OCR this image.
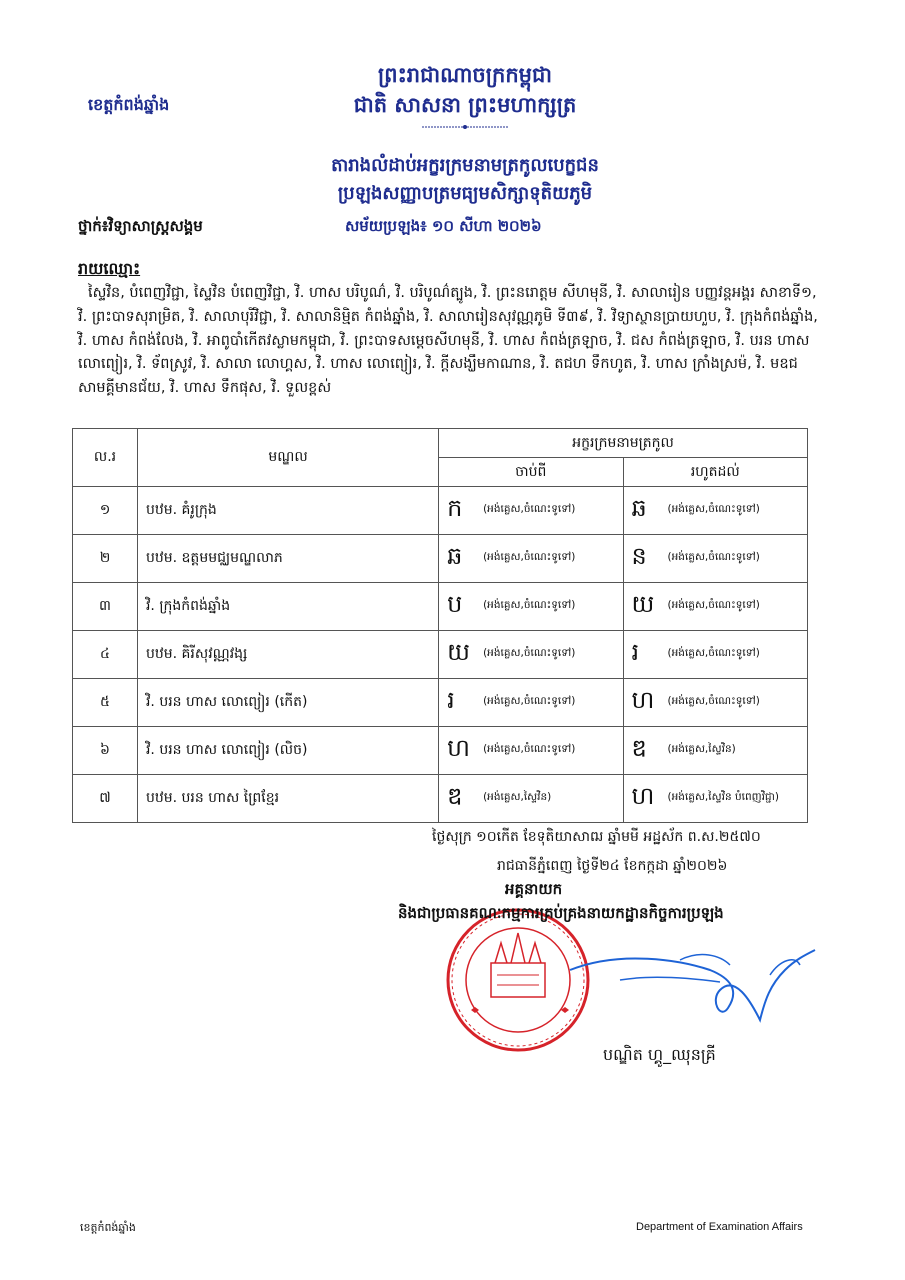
ព្រះរាជាណាចក្រកម្ពុជា
ជាតិ សាសនា ព្រះមហាក្សត្រ
ខេត្តកំពង់ឆ្នាំង
តារាងលំដាប់អក្ខរក្រមនាមត្រកូលបេក្ខជន
ប្រឡងសញ្ញាបត្រមធ្យមសិក្សាទុតិយភូមិ
ថ្នាក់៖វិទ្យាសាស្ត្រសង្គម	សម័យប្រឡង៖ ១០ សីហា ២០២៦
រាយឈ្មោះ
ស្ទៃវិន, បំពេញវិជ្ជា, ស្ទៃវិន បំពេញវិជ្ជា, វិ. ហាស បរិបូណ៌, វិ. បរិបូណ៌ត្បូង, វិ. ព្រះនរោត្តម សីហមុនី, វិ. សាលារៀន បញ្ញវន្តអង្គរ សាខាទី១, វិ. ព្រះបាទសុរាម្រិត, វិ. សាលាបុរីវិជ្ជា, វិ. សាលានិម្មិត កំពង់ឆ្នាំង, វិ. សាលារៀនសុវណ្ណភូមិ ទី៣៩, វិ. វិទ្យាស្ថានប្រាយហួប, វិ. ក្រុងកំពង់ឆ្នាំង, វិ. ហាស កំពង់លែង, វិ. អាពូបាំកើតវស្លាមកម្ពុជា, វិ. ព្រះបាទសម្ដេចសីហមុនី, វិ. ហាស កំពង់ត្រឡាច, វិ. ជស កំពង់ត្រឡាច, វិ. បរន ហាស លោព្យៀរ, វិ. ទ័ពស្រូវ, វិ. សាលា លោហ្គស, វិ. ហាស លោព្យៀរ, វិ. ក្ដីសង្ឃឹមកាណាន, វិ. តជហ ទឹកហូត, វិ. ហាស ក្រាំងស្រម៉, វិ. មឧជ សាមគ្គីមានជ័យ, វិ. ហាស ទឹកផុស, វិ. ទួលខ្ពស់
ល.រ	មណ្ឌល	អក្ខរក្រមនាមត្រកូល	
		ចាប់ពី	រហូតដល់
១	បឋម. គំរូក្រុង	ក (អង់គ្លេស,ចំណេះទូទៅ)	ឆ (អង់គ្លេស,ចំណេះទូទៅ)
២	បឋម. ឧត្តមមជ្ឈមណ្ឌលាភ	ឆ (អង់គ្លេស,ចំណេះទូទៅ)	ន (អង់គ្លេស,ចំណេះទូទៅ)
៣	វិ. ក្រុងកំពង់ឆ្នាំង	ប (អង់គ្លេស,ចំណេះទូទៅ)	យ (អង់គ្លេស,ចំណេះទូទៅ)
៤	បឋម. គិរីសុវណ្ណវង្ស	យ (អង់គ្លេស,ចំណេះទូទៅ)	រ (អង់គ្លេស,ចំណេះទូទៅ)
៥	វិ. បរន ហាស លោព្យៀរ (កើត)	រ (អង់គ្លេស,ចំណេះទូទៅ)	ហ (អង់គ្លេស,ចំណេះទូទៅ)
៦	វិ. បរន ហាស លោព្យៀរ (លិច)	ហ (អង់គ្លេស,ចំណេះទូទៅ)	ឌ (អង់គ្លេស,ស្ទៃវិន)
៧	បឋម. បរន ហាស ព្រៃខ្មែរ	ឌ (អង់គ្លេស,ស្ទៃវិន)	ហ (អង់គ្លេស,ស្ទៃវិន បំពេញវិជ្ជា)
ថ្ងៃសុក្រ ១០កើត ខែទុតិយាសាឍ ឆ្នាំមមី អដ្ឋស័ក ព.ស.២៥៧០
រាជធានីភ្នំពេញ ថ្ងៃទី២៤ ខែកក្កដា ឆ្នាំ២០២៦
អគ្គនាយក
និងជាប្រធានគណៈកម្មការគ្រប់គ្រងនាយកដ្ឋានកិច្ចការប្រឡង
បណ្ឌិត ហ្គូ_ឈុនគ្រី
ខេត្តកំពង់ឆ្នាំង	Department of Examination Affairs
